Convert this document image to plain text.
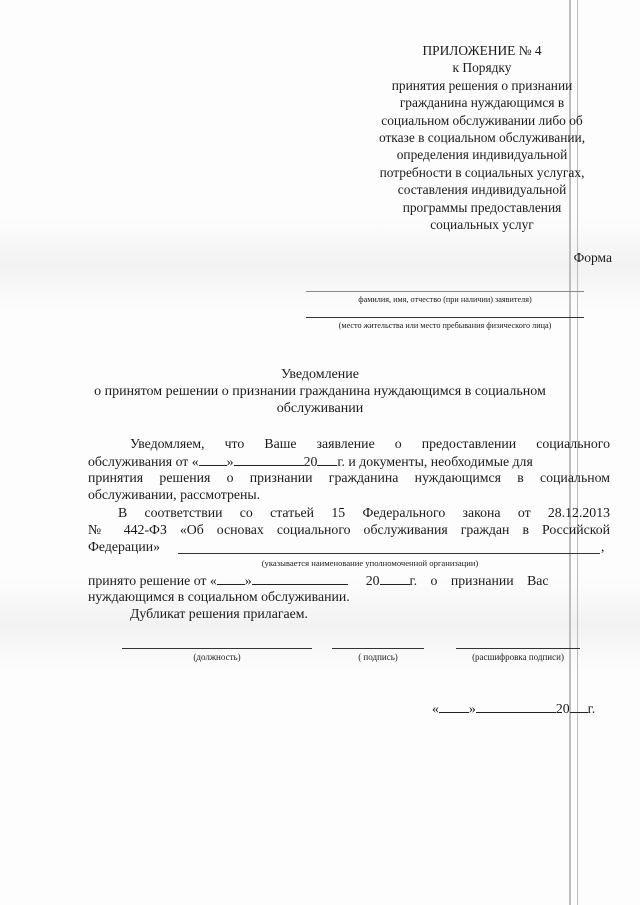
ПРИЛОЖЕНИЕ № 4
к Порядку
принятия решения о признании
гражданина нуждающимся в
социальном обслуживании либо об
отказе в социальном обслуживании,
определения индивидуальной
потребности в социальных услугах,
составления индивидуальной
программы предоставления
социальных услуг
Форма
фамилия, имя, отчество (при наличии) заявителя)
(место жительства или место пребывания физического лица)
Уведомление
о принятом решении о признании гражданина нуждающимся в социальном
обслуживании
Уведомляем, что Ваше заявление о предоставлении социального
обслуживания от « »	20 г. и документы, необходимые для
принятия решения о признании гражданина нуждающимся в социальном обслуживании, рассмотрены.
В соответствии со статьей 15 Федерального закона от 28.12.2013
№ 442-ФЗ «Об основах социального обслуживания граждан в Российской
Федерации»	,
(указывается наименование уполномоченной организации)
принято решение от « »	20 г. о признании Вас
нуждающимся в социальном обслуживании.
Дубликат решения прилагаем.
(должность)	( подпись)	(расшифровка подписи)
« »	20 г.
